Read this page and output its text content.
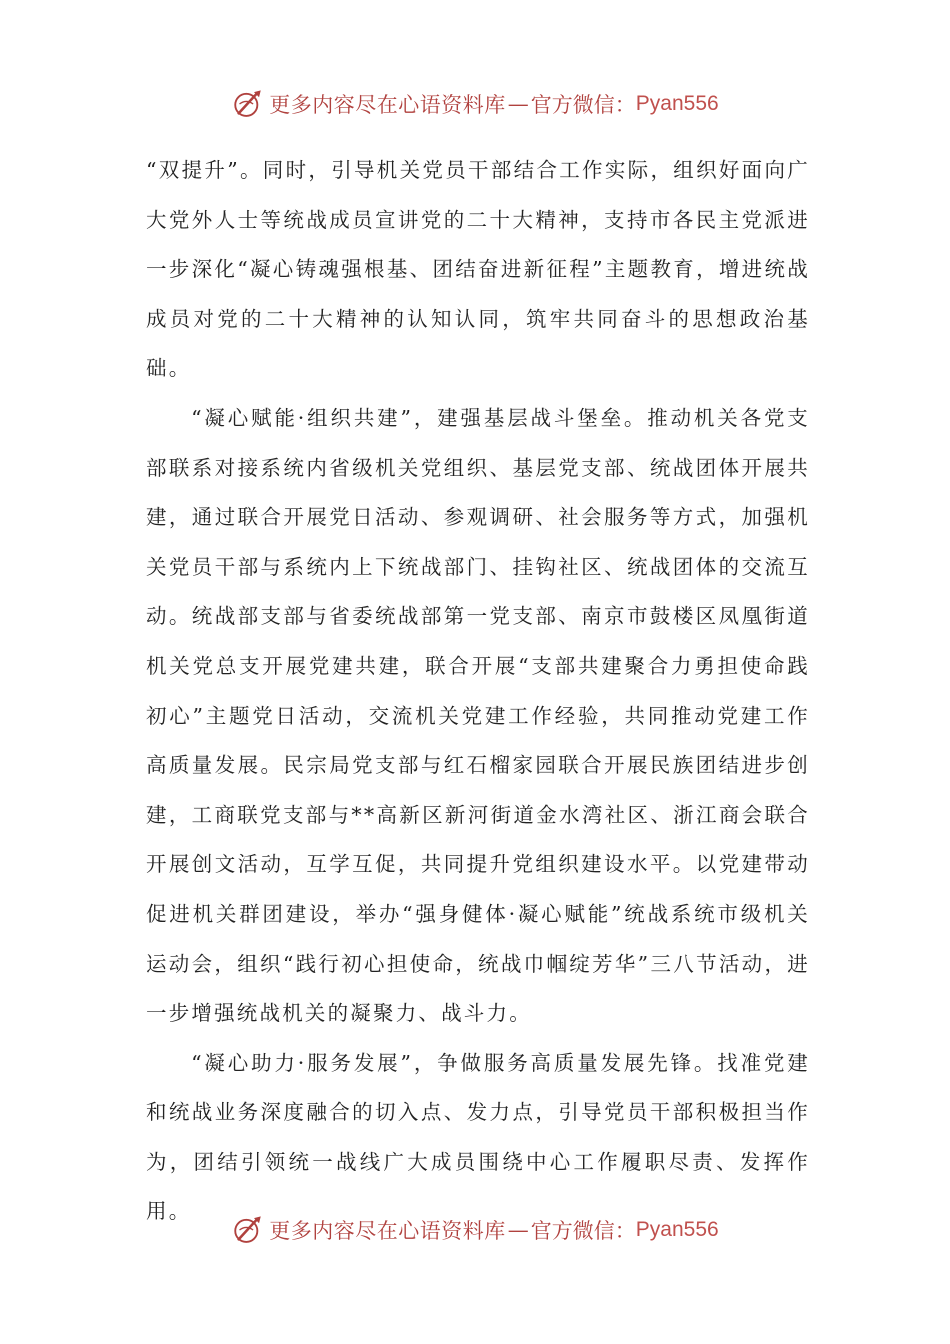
更多内容尽在心语资料库 — 官方微信： Pyan556

“双提升”。同时，引导机关党员干部结合工作实际，组织好面向广大党外人士等统战成员宣讲党的二十大精神，支持市各民主党派进一步深化“凝心铸魂强根基、团结奋进新征程”主题教育，增进统战成员对党的二十大精神的认知认同，筑牢共同奋斗的思想政治基础。

“凝心赋能·组织共建”，建强基层战斗堡垒。推动机关各党支部联系对接系统内省级机关党组织、基层党支部、统战团体开展共建，通过联合开展党日活动、参观调研、社会服务等方式，加强机关党员干部与系统内上下统战部门、挂钩社区、统战团体的交流互动。统战部支部与省委统战部第一党支部、南京市鼓楼区凤凰街道机关党总支开展党建共建，联合开展“支部共建聚合力勇担使命践初心”主题党日活动，交流机关党建工作经验，共同推动党建工作高质量发展。民宗局党支部与红石榴家园联合开展民族团结进步创建，工商联党支部与**高新区新河街道金水湾社区、浙江商会联合开展创文活动，互学互促，共同提升党组织建设水平。以党建带动促进机关群团建设，举办“强身健体·凝心赋能”统战系统市级机关运动会，组织“践行初心担使命，统战巾帼绽芳华”三八节活动，进一步增强统战机关的凝聚力、战斗力。

“凝心助力·服务发展”，争做服务高质量发展先锋。找准党建和统战业务深度融合的切入点、发力点，引导党员干部积极担当作为，团结引领统一战线广大成员围绕中心工作履职尽责、发挥作用。

更多内容尽在心语资料库 — 官方微信： Pyan556
